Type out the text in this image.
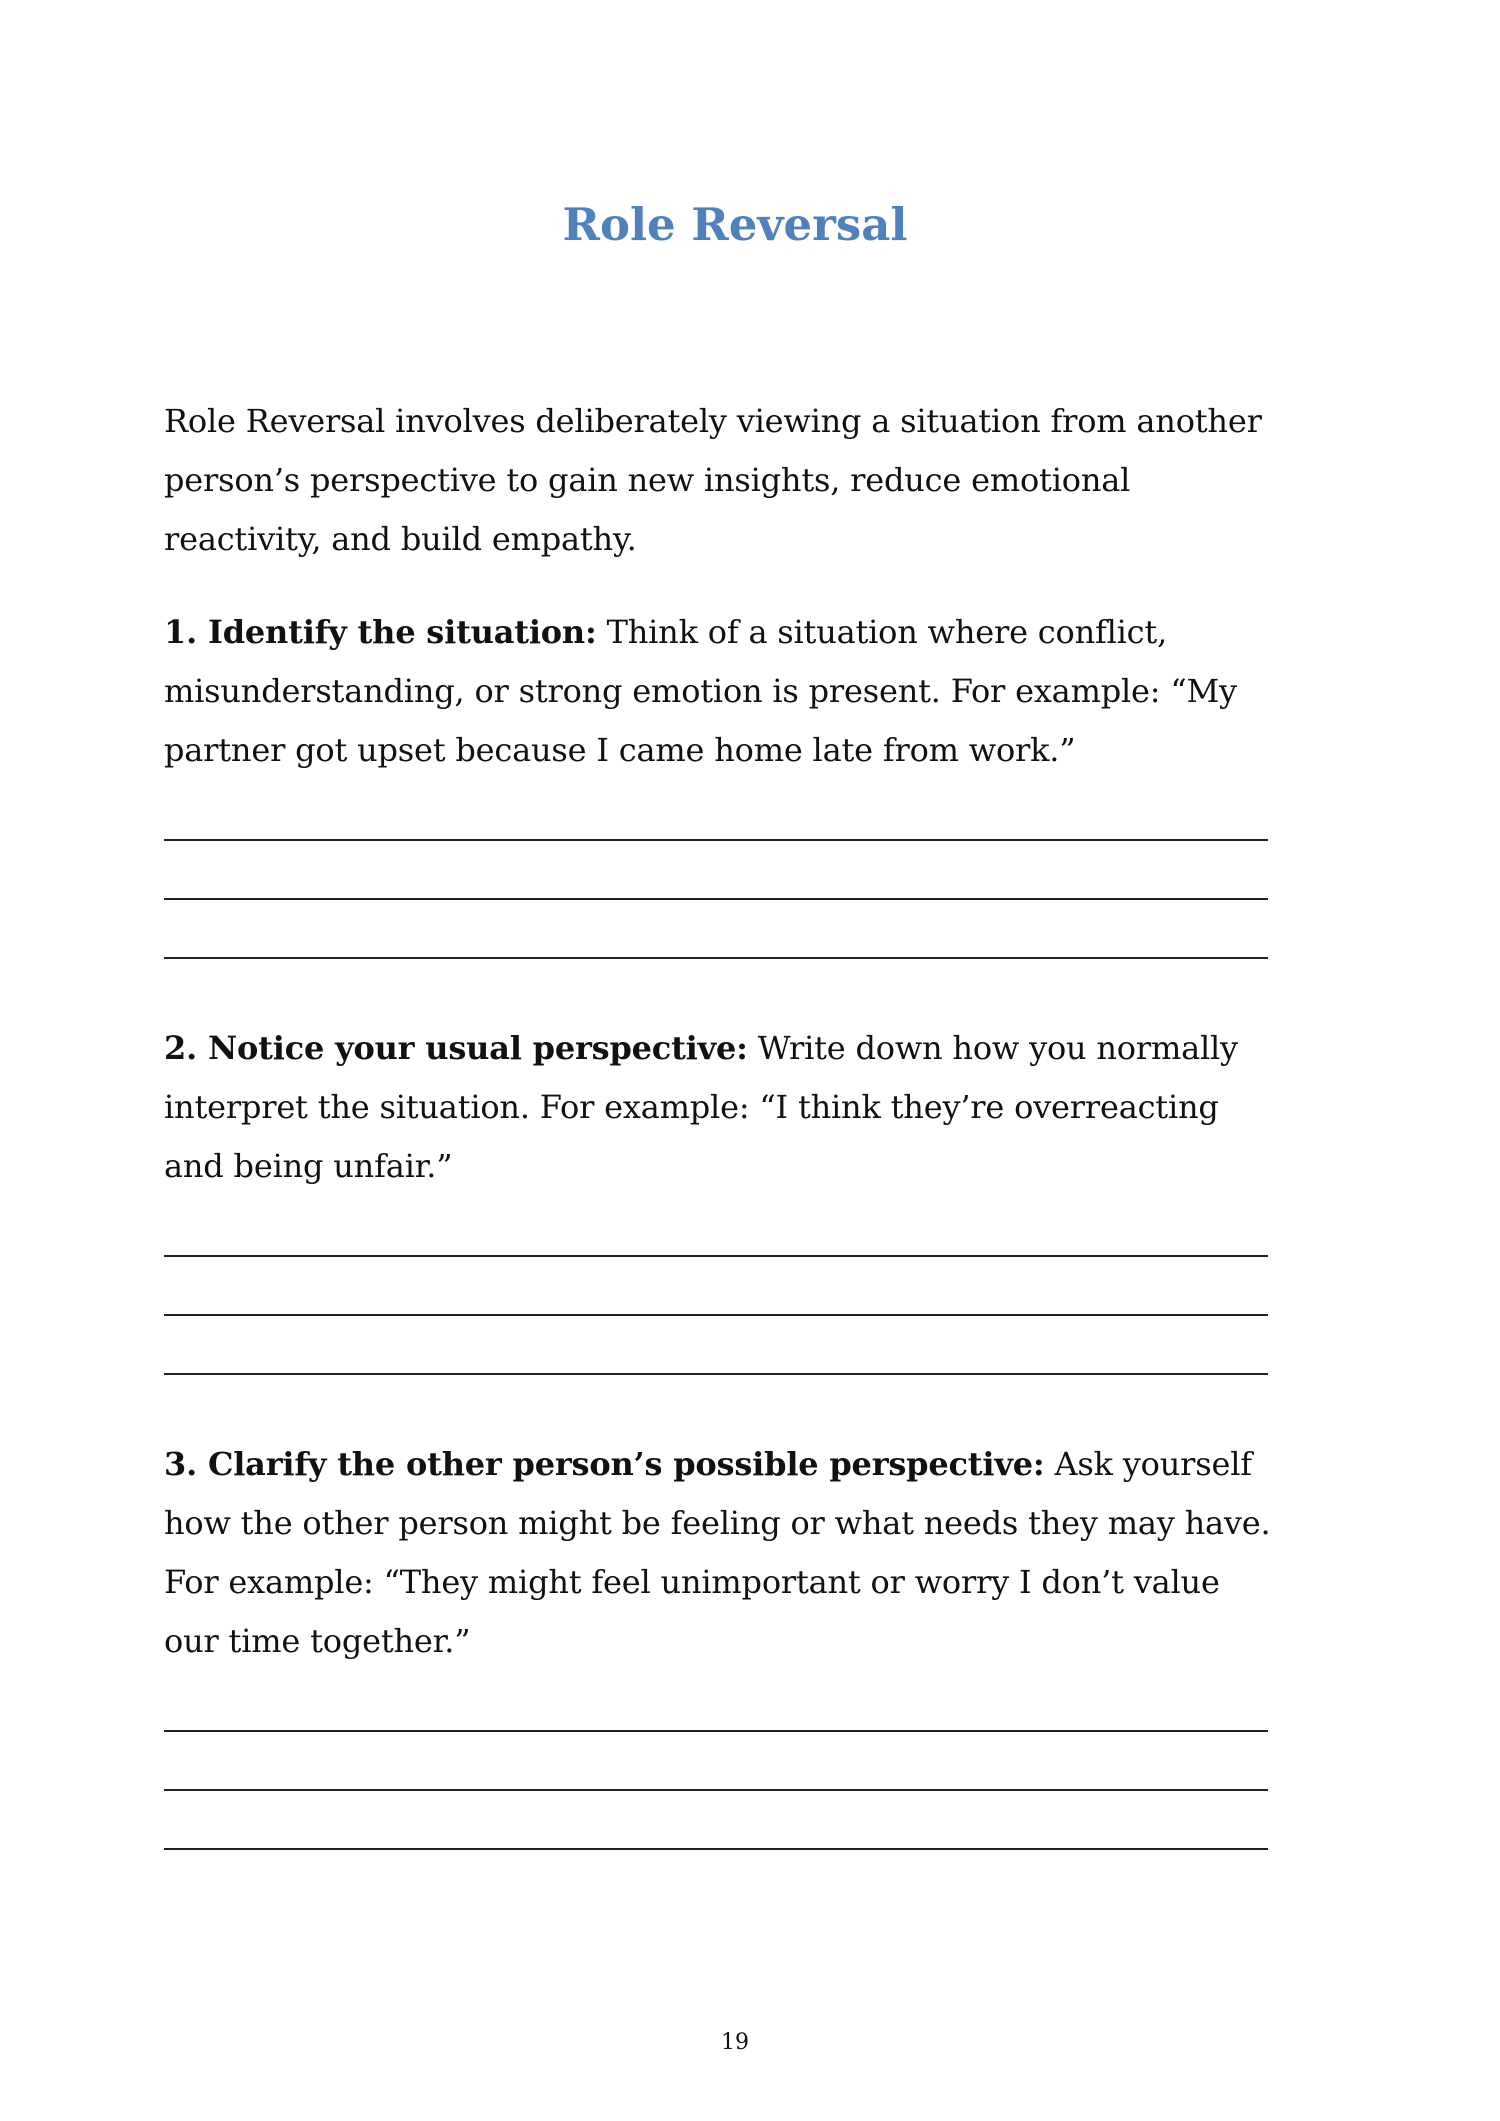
Role Reversal

Role Reversal involves deliberately viewing a situation from another person’s perspective to gain new insights, reduce emotional reactivity, and build empathy.

1. Identify the situation: Think of a situation where conflict, misunderstanding, or strong emotion is present. For example: “My partner got upset because I came home late from work.”

2. Notice your usual perspective: Write down how you normally interpret the situation. For example: “I think they’re overreacting and being unfair.”

3. Clarify the other person’s possible perspective: Ask yourself how the other person might be feeling or what needs they may have. For example: “They might feel unimportant or worry I don’t value our time together.”

19
